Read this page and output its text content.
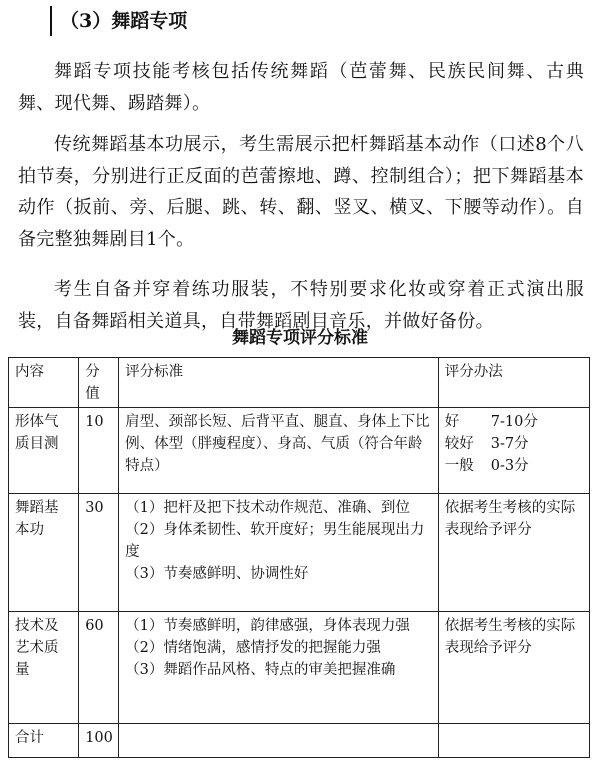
（3）舞蹈专项

舞蹈专项技能考核包括传统舞蹈（芭蕾舞、民族民间舞、古典舞、现代舞、踢踏舞）。

传统舞蹈基本功展示，考生需展示把杆舞蹈基本动作（口述8个八拍节奏，分别进行正反面的芭蕾擦地、蹲、控制组合）；把下舞蹈基本动作（扳前、旁、后腿、跳、转、翻、竖叉、横叉、下腰等动作）。自备完整独舞剧目1个。

考生自备并穿着练功服装，不特别要求化妆或穿着正式演出服装，自备舞蹈相关道具，自带舞蹈剧目音乐，并做好备份。

舞蹈专项评分标准
内容	分值	评分标准	评分办法
形体气质目测	10	肩型、颈部长短、后背平直、腿直、身体上下比例、体型（胖瘦程度）、身高、气质（符合年龄特点）	好 7-10分
较好 3-7分
一般 0-3分

舞蹈基本功	30	（1）把杆及把下技术动作规范、准确、到位
（2）身体柔韧性、软开度好；男生能展现出力度
（3）节奏感鲜明、协调性好	依据考生考核的实际表现给予评分
技术及艺术质量	60	（1）节奏感鲜明，韵律感强，身体表现力强
（2）情绪饱满，感情抒发的把握能力强
（3）舞蹈作品风格、特点的审美把握准确	依据考生考核的实际表现给予评分
合计	100		
